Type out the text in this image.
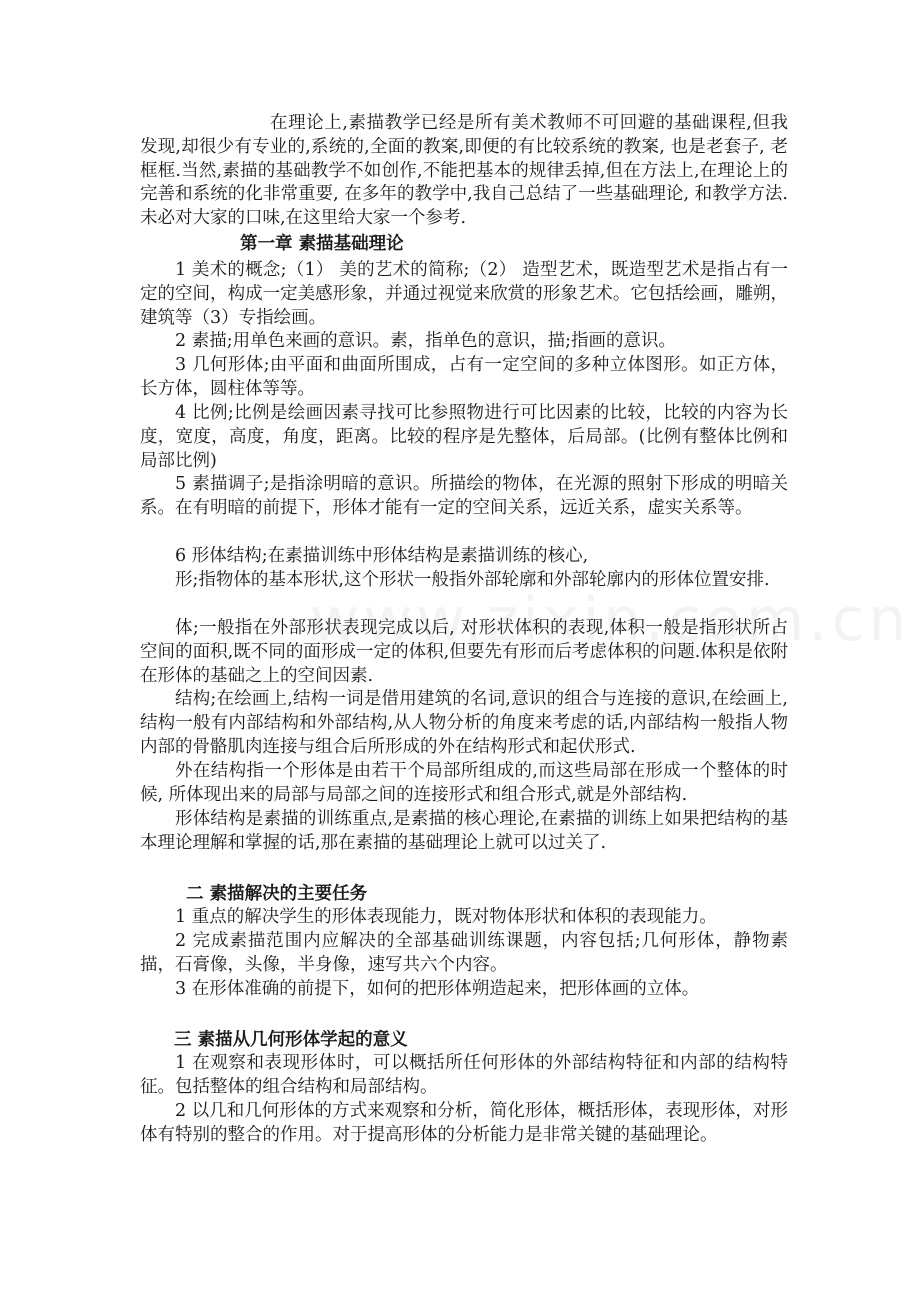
在理论上,素描教学已经是所有美术教师不可回避的基础课程,但我发现,却很少有专业的,系统的,全面的教案,即便的有比较系统的教案, 也是老套子, 老框框.当然,素描的基础教学不如创作,不能把基本的规律丢掉,但在方法上,在理论上的完善和系统的化非常重要, 在多年的教学中,我自己总结了一些基础理论, 和教学方法.未必对大家的口味,在这里给大家一个参考.

第一章 素描基础理论

1 美术的概念;（1） 美的艺术的简称;（2） 造型艺术，既造型艺术是指占有一定的空间，构成一定美感形象，并通过视觉来欣赏的形象艺术。它包括绘画，雕朔，建筑等（3）专指绘画。

2 素描;用单色来画的意识。素，指单色的意识，描;指画的意识。

3 几何形体;由平面和曲面所围成，占有一定空间的多种立体图形。如正方体，长方体，圆柱体等等。

4 比例;比例是绘画因素寻找可比参照物进行可比因素的比较，比较的内容为长度，宽度，高度，角度，距离。比较的程序是先整体，后局部。(比例有整体比例和局部比例)

5 素描调子;是指涂明暗的意识。所描绘的物体，在光源的照射下形成的明暗关系。在有明暗的前提下，形体才能有一定的空间关系，远近关系，虚实关系等。

6 形体结构;在素描训练中形体结构是素描训练的核心,

形;指物体的基本形状,这个形状一般指外部轮廓和外部轮廓内的形体位置安排.

体;一般指在外部形状表现完成以后, 对形状体积的表现,体积一般是指形状所占空间的面积,既不同的面形成一定的体积,但要先有形而后考虑体积的问题.体积是依附在形体的基础之上的空间因素.

结构;在绘画上,结构一词是借用建筑的名词,意识的组合与连接的意识,在绘画上,结构一般有内部结构和外部结构,从人物分析的角度来考虑的话,内部结构一般指人物内部的骨骼肌肉连接与组合后所形成的外在结构形式和起伏形式.

外在结构指一个形体是由若干个局部所组成的,而这些局部在形成一个整体的时候, 所体现出来的局部与局部之间的连接形式和组合形式,就是外部结构.

形体结构是素描的训练重点,是素描的核心理论,在素描的训练上如果把结构的基本理论理解和掌握的话,那在素描的基础理论上就可以过关了.

二 素描解决的主要任务

1 重点的解决学生的形体表现能力，既对物体形状和体积的表现能力。

2 完成素描范围内应解决的全部基础训练课题，内容包括;几何形体，静物素描，石膏像，头像，半身像，速写共六个内容。

3 在形体准确的前提下，如何的把形体朔造起来，把形体画的立体。

三 素描从几何形体学起的意义

1 在观察和表现形体时，可以概括所任何形体的外部结构特征和内部的结构特征。包括整体的组合结构和局部结构。

2 以几和几何形体的方式来观察和分析，简化形体，概括形体，表现形体，对形体有特别的整合的作用。对于提高形体的分析能力是非常关键的基础理论。
